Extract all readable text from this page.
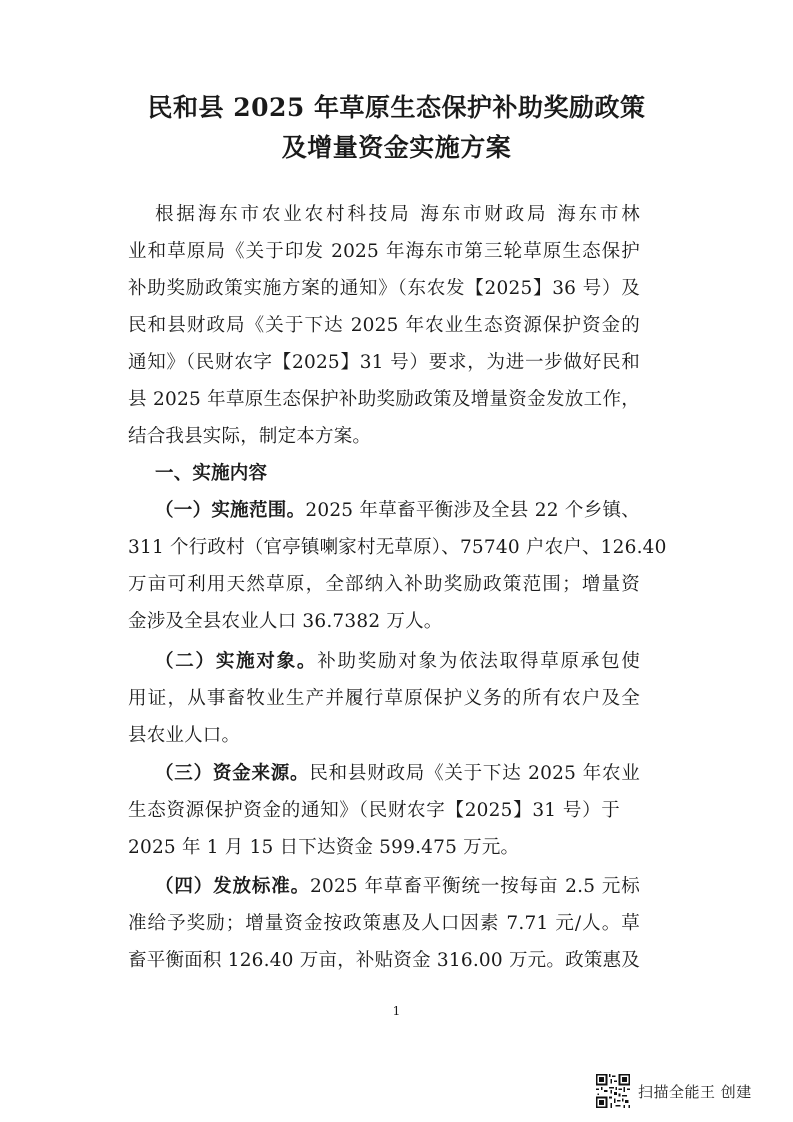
民和县 2025 年草原生态保护补助奖励政策
及增量资金实施方案
根据海东市农业农村科技局 海东市财政局 海东市林
业和草原局《关于印发 2025 年海东市第三轮草原生态保护
补助奖励政策实施方案的通知》（东农发【2025】36 号）及
民和县财政局《关于下达 2025 年农业生态资源保护资金的
通知》（民财农字【2025】31 号）要求，为进一步做好民和
县 2025 年草原生态保护补助奖励政策及增量资金发放工作，
结合我县实际，制定本方案。
一、实施内容
（一）实施范围。2025 年草畜平衡涉及全县 22 个乡镇、
311 个行政村（官亭镇喇家村无草原）、75740 户农户、126.40
万亩可利用天然草原，全部纳入补助奖励政策范围；增量资
金涉及全县农业人口 36.7382 万人。
（二）实施对象。补助奖励对象为依法取得草原承包使
用证，从事畜牧业生产并履行草原保护义务的所有农户及全
县农业人口。
（三）资金来源。民和县财政局《关于下达 2025 年农业
生态资源保护资金的通知》（民财农字【2025】31 号）于
2025 年 1 月 15 日下达资金 599.475 万元。
（四）发放标准。2025 年草畜平衡统一按每亩 2.5 元标
准给予奖励；增量资金按政策惠及人口因素 7.71 元/人。草
畜平衡面积 126.40 万亩，补贴资金 316.00 万元。政策惠及
1
扫描全能王 创建
